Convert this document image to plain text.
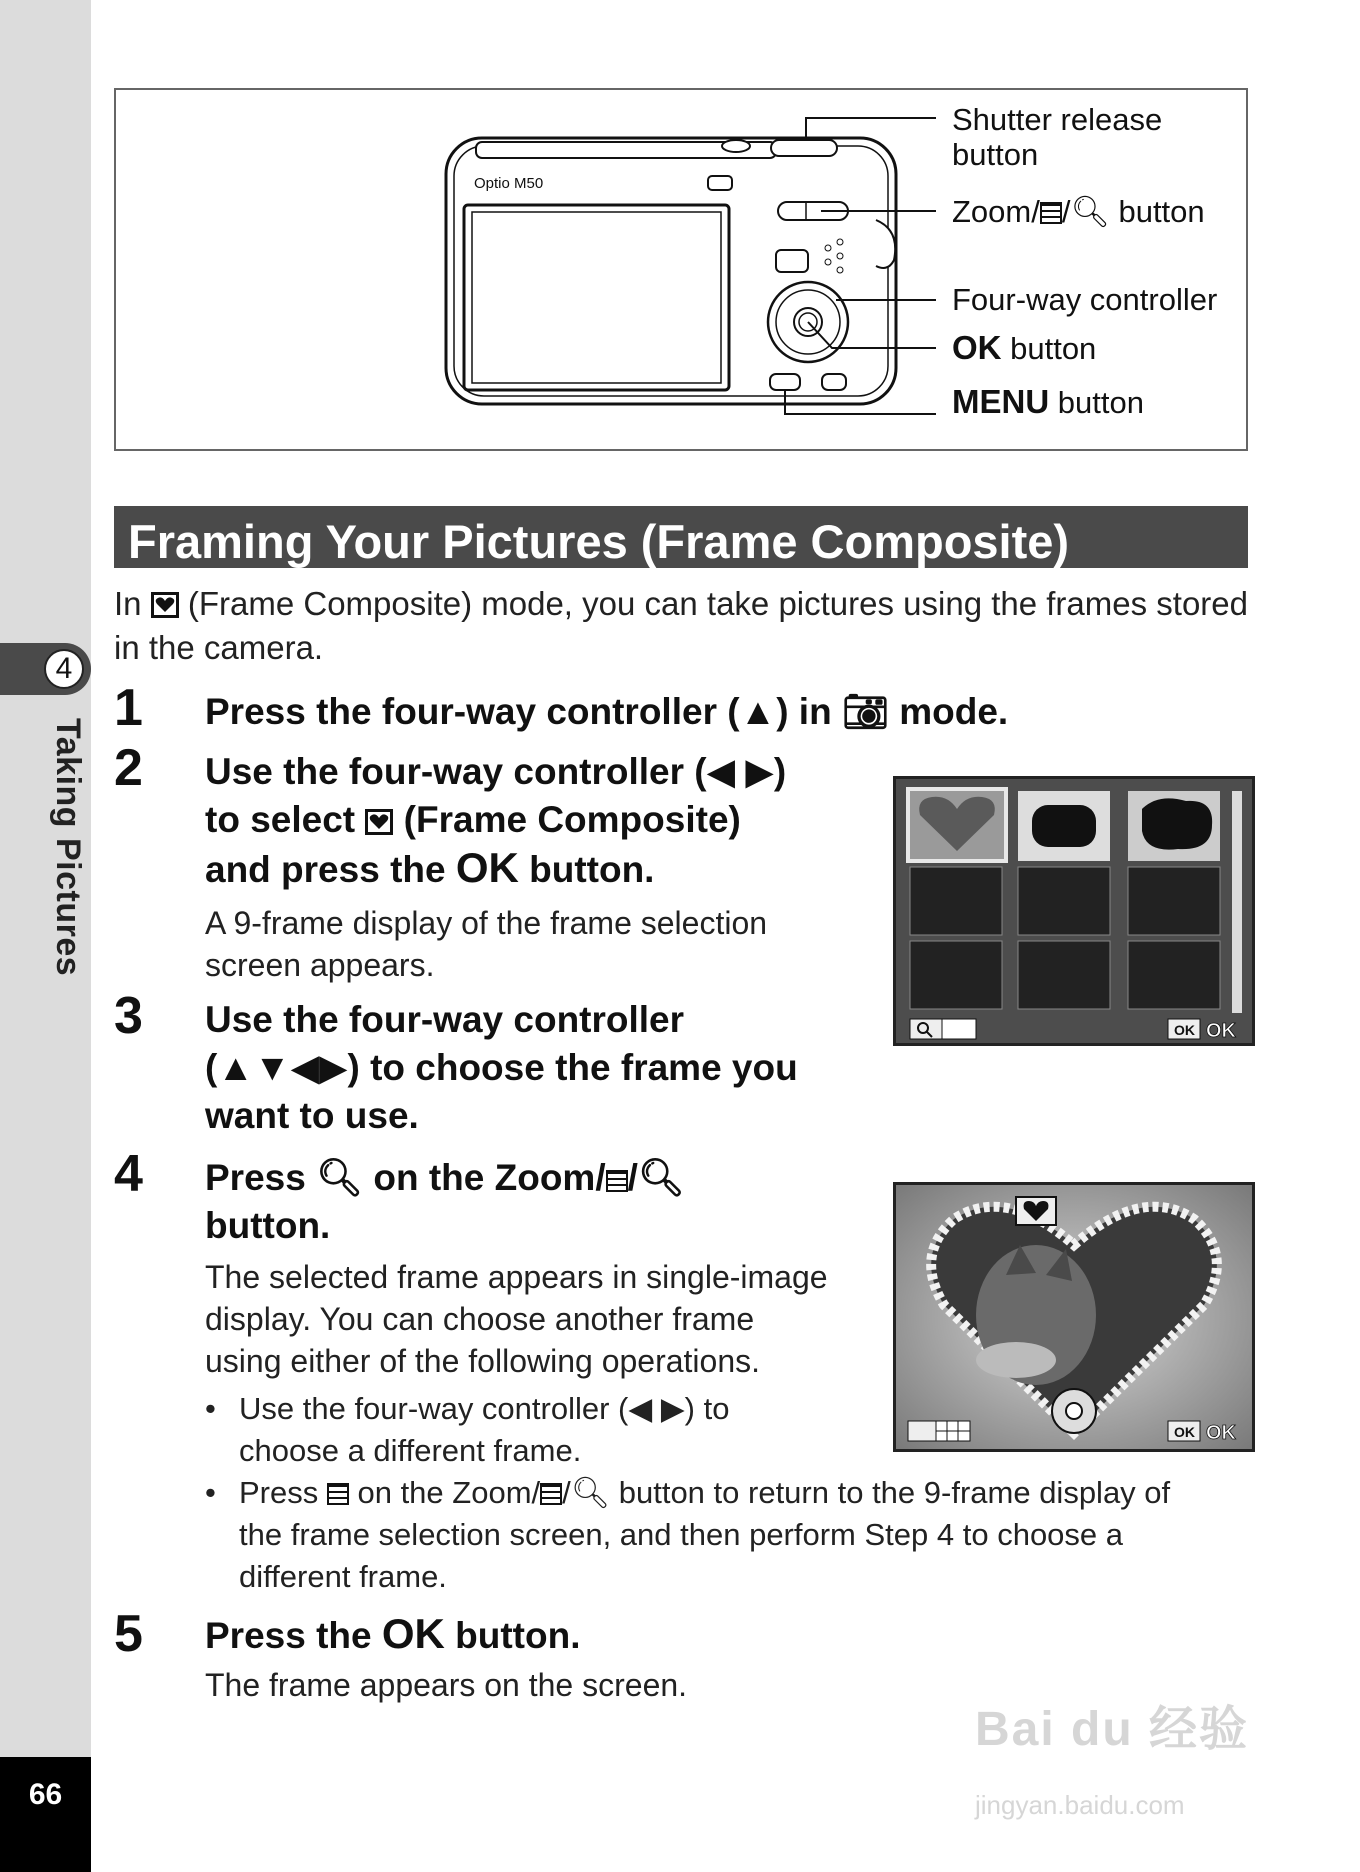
4
Taking Pictures
66
Optio M50
Shutter release button
Zoom/ /🔍︎ button
Four-way controller
OK button
MENU button
Framing Your Pictures (Frame Composite)
In
(Frame Composite) mode, you can take pictures using the frames stored in the camera.
1 Press the four-way controller (▲) in 📷︎ mode.
2 Use the four-way controller (◀ ▶)
to select
(Frame Composite)
and press the OK button.
A 9-frame display of the frame selection
screen appears.
OK OK
3 Use the four-way controller
(▲▼◀▶) to choose the frame you
want to use.
4 Press 🔍︎ on the Zoom/ /🔍︎
button.
The selected frame appears in single-image
display. You can choose another frame
using either of the following operations.
• Use the four-way controller (◀ ▶) to
choose a different frame.
• Press  on the Zoom/ /🔍︎ button to return to the 9-frame display of
the frame selection screen, and then perform Step 4 to choose a
different frame.
OK OK
5 Press the OK button.
The frame appears on the screen.
Bai du 经验
jingyan.baidu.com
